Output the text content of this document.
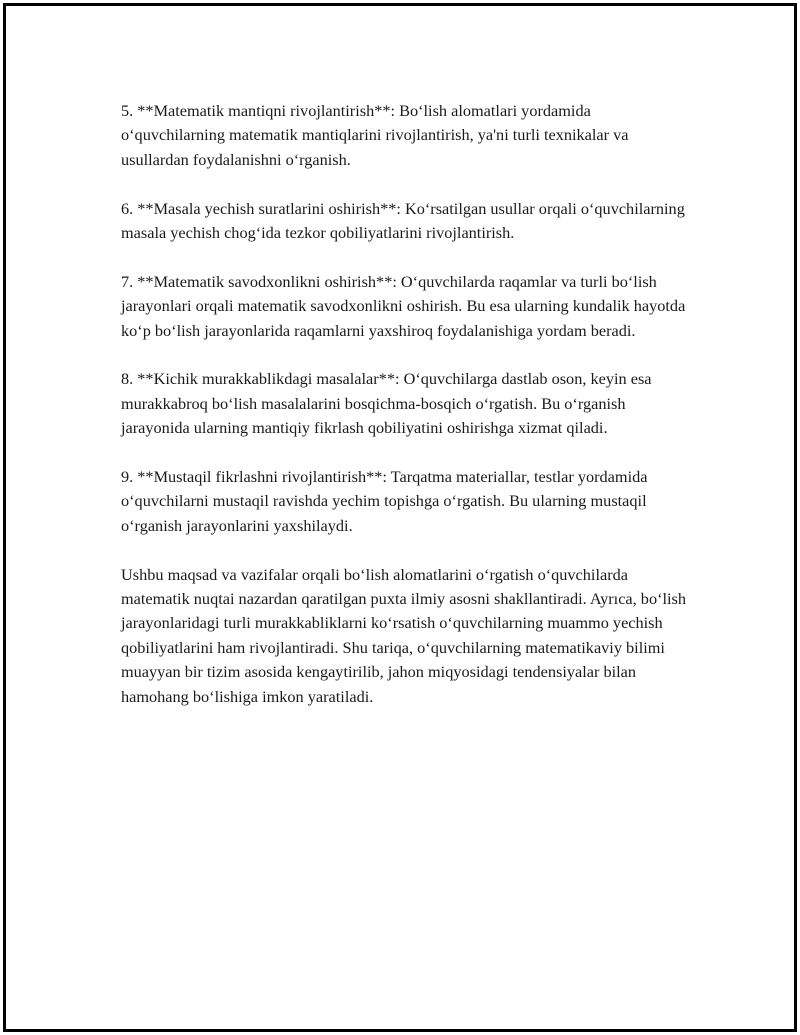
5. **Matematik mantiqni rivojlantirish**: Boʻlish alomatlari yordamida oʻquvchilarning matematik mantiqlarini rivojlantirish, ya'ni turli texnikalar va usullardan foydalanishni oʻrganish.

6. **Masala yechish suratlarini oshirish**: Koʻrsatilgan usullar orqali oʻquvchilarning masala yechish chogʻida tezkor qobiliyatlarini rivojlantirish.

7. **Matematik savodxonlikni oshirish**: Oʻquvchilarda raqamlar va turli boʻlish jarayonlari orqali matematik savodxonlikni oshirish. Bu esa ularning kundalik hayotda koʻp boʻlish jarayonlarida raqamlarni yaxshiroq foydalanishiga yordam beradi.

8. **Kichik murakkablikdagi masalalar**: Oʻquvchilarga dastlab oson, keyin esa murakkabroq boʻlish masalalarini bosqichma-bosqich oʻrgatish. Bu oʻrganish jarayonida ularning mantiqiy fikrlash qobiliyatini oshirishga xizmat qiladi.

9. **Mustaqil fikrlashni rivojlantirish**: Tarqatma materiallar, testlar yordamida oʻquvchilarni mustaqil ravishda yechim topishga oʻrgatish. Bu ularning mustaqil oʻrganish jarayonlarini yaxshilaydi.

Ushbu maqsad va vazifalar orqali boʻlish alomatlarini oʻrgatish oʻquvchilarda matematik nuqtai nazardan qaratilgan puxta ilmiy asosni shakllantiradi. Ayrıca, boʻlish jarayonlaridagi turli murakkabliklarni koʻrsatish oʻquvchilarning muammo yechish qobiliyatlarini ham rivojlantiradi. Shu tariqa, oʻquvchilarning matematikaviy bilimi muayyan bir tizim asosida kengaytirilib, jahon miqyosidagi tendensiyalar bilan hamohang boʻlishiga imkon yaratiladi.
